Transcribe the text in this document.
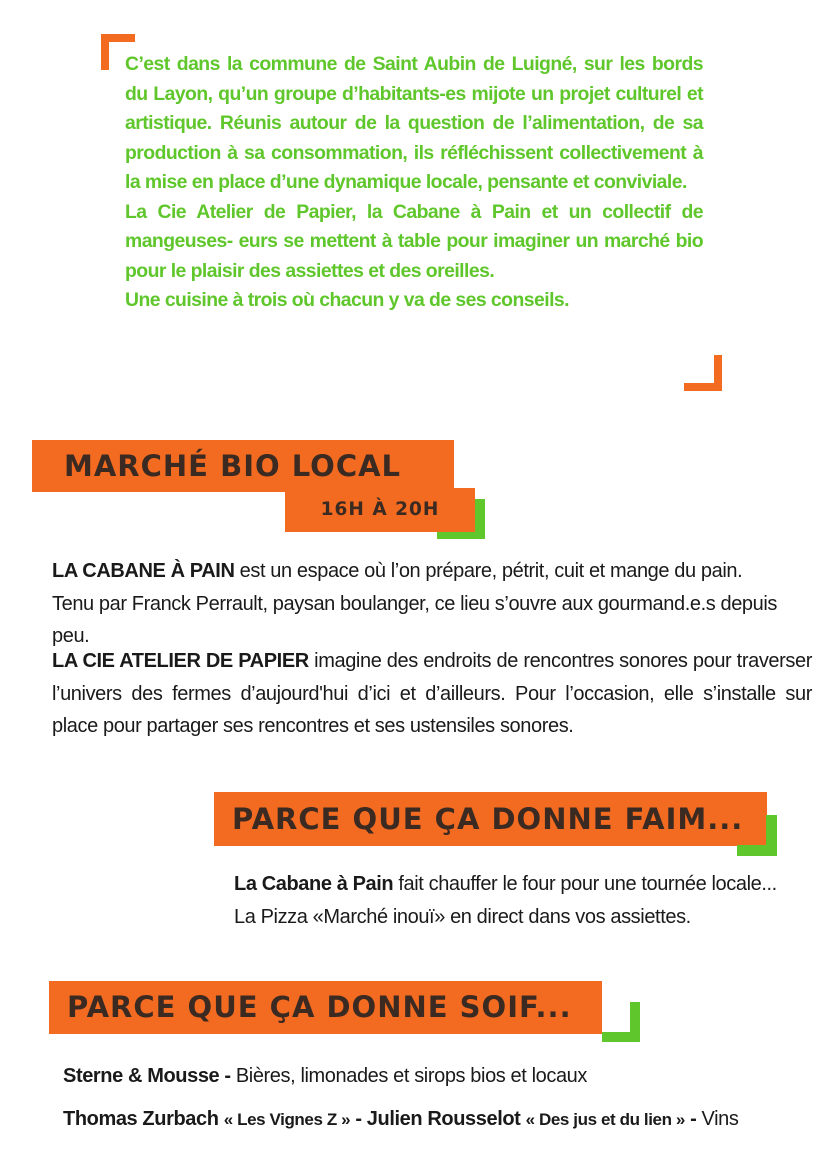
C’est dans la commune de Saint Aubin de Luigné, sur les bords du Layon, qu’un groupe d’habitants-es mijote un projet culturel et artistique. Réunis autour de la question de l’alimentation, de sa production à sa consommation, ils réfléchissent collectivement à la mise en place d’une dynamique locale, pensante et conviviale.

La Cie Atelier de Papier, la Cabane à Pain et un collectif de mangeuses- eurs se mettent à table pour imaginer un marché bio pour le plaisir des assiettes et des oreilles.

Une cuisine à trois où chacun y va de ses conseils.

MARCHÉ BIO LOCAL
16H À 20H
LA CABANE À PAIN est un espace où l’on prépare, pétrit, cuit et mange du pain.
Tenu par Franck Perrault, paysan boulanger, ce lieu s’ouvre aux gourmand.e.s depuis peu.
LA CIE ATELIER DE PAPIER imagine des endroits de rencontres sonores pour traverser l’univers des fermes d’aujourd'hui d’ici et d’ailleurs. Pour l’occasion, elle s’installe sur place pour partager ses rencontres et ses ustensiles sonores.
PARCE QUE ÇA DONNE FAIM...
La Cabane à Pain fait chauffer le four pour une tournée locale...
La Pizza «Marché inouï» en direct dans vos assiettes.
PARCE QUE ÇA DONNE SOIF...
Sterne & Mousse - Bières, limonades et sirops bios et locaux
Thomas Zurbach « Les Vignes Z » - Julien Rousselot « Des jus et du lien » - Vins
